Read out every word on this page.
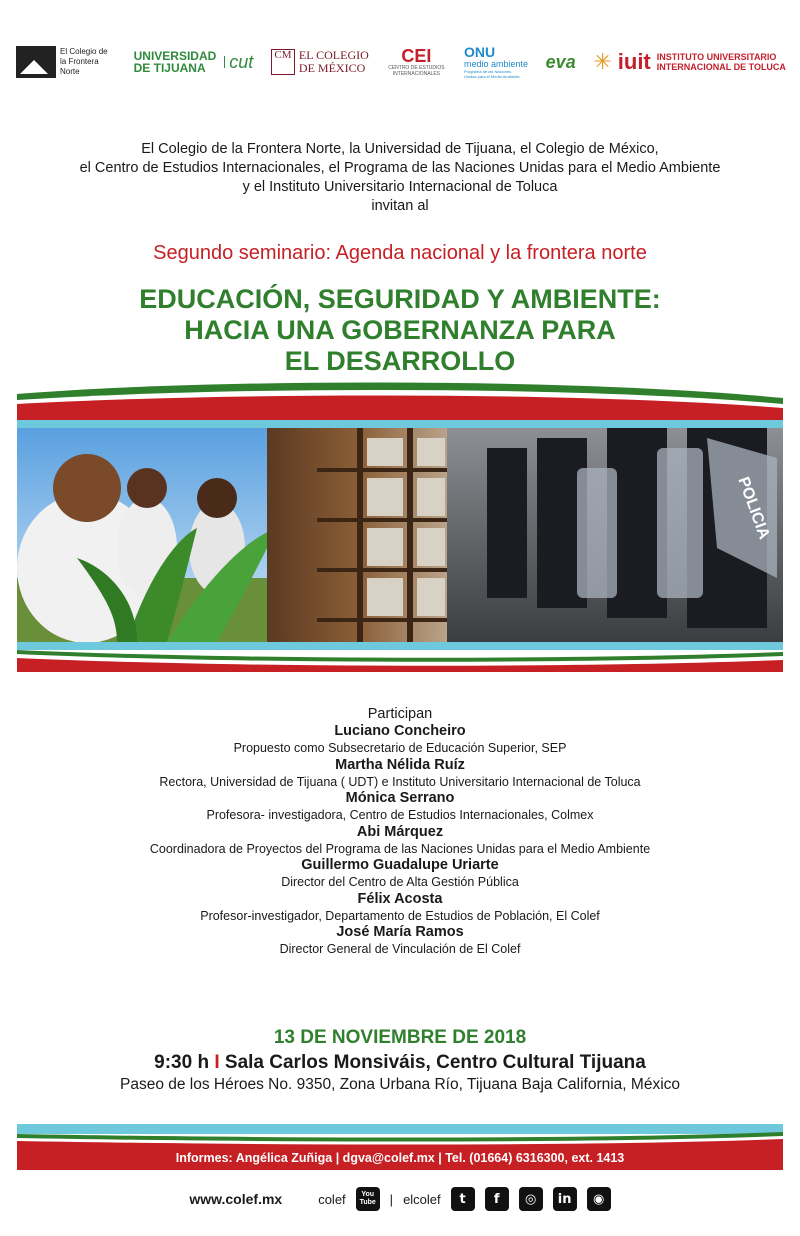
El Colegio de la Frontera Norte
UNIVERSIDAD
DE TIJUANA	cut	CM EL COLEGIO
DE MÉXICO
CEI
CENTRO DE ESTUDIOS INTERNACIONALES
ONU
medio ambiente
Programa de las Naciones Unidas para el Medio Ambiente
eva ✳ iuit INSTITUTO UNIVERSITARIO
INTERNACIONAL DE TOLUCA
El Colegio de la Frontera Norte, la Universidad de Tijuana, el Colegio de México,
el Centro de Estudios Internacionales, el Programa de las Naciones Unidas para el Medio Ambiente
y el Instituto Universitario Internacional de Toluca
invitan al
Segundo seminario: Agenda nacional y la frontera norte
EDUCACIÓN, SEGURIDAD Y AMBIENTE:
HACIA UNA GOBERNANZA PARA
EL DESARROLLO
POLICIA
Participan
Luciano Concheiro
Propuesto como Subsecretario de Educación Superior, SEP
Martha Nélida Ruíz
Rectora, Universidad de Tijuana ( UDT) e Instituto Universitario Internacional de Toluca
Mónica Serrano
Profesora- investigadora, Centro de Estudios Internacionales, Colmex
Abi Márquez
Coordinadora de Proyectos del Programa de las Naciones Unidas para el Medio Ambiente
Guillermo Guadalupe Uriarte
Director del Centro de Alta Gestión Pública
Félix Acosta
Profesor-investigador, Departamento de Estudios de Población, El Colef
José María Ramos
Director General de Vinculación de El Colef
13 DE NOVIEMBRE DE 2018
9:30 h I Sala Carlos Monsiváis, Centro Cultural Tijuana
Paseo de los Héroes No. 9350, Zona Urbana Río, Tijuana Baja California, México
Informes: Angélica Zuñiga | dgva@colef.mx | Tel. (01664) 6316300, ext. 1413
www.colef.mx	colef You
Tube | elcolef	t	f	◎	in	◉
